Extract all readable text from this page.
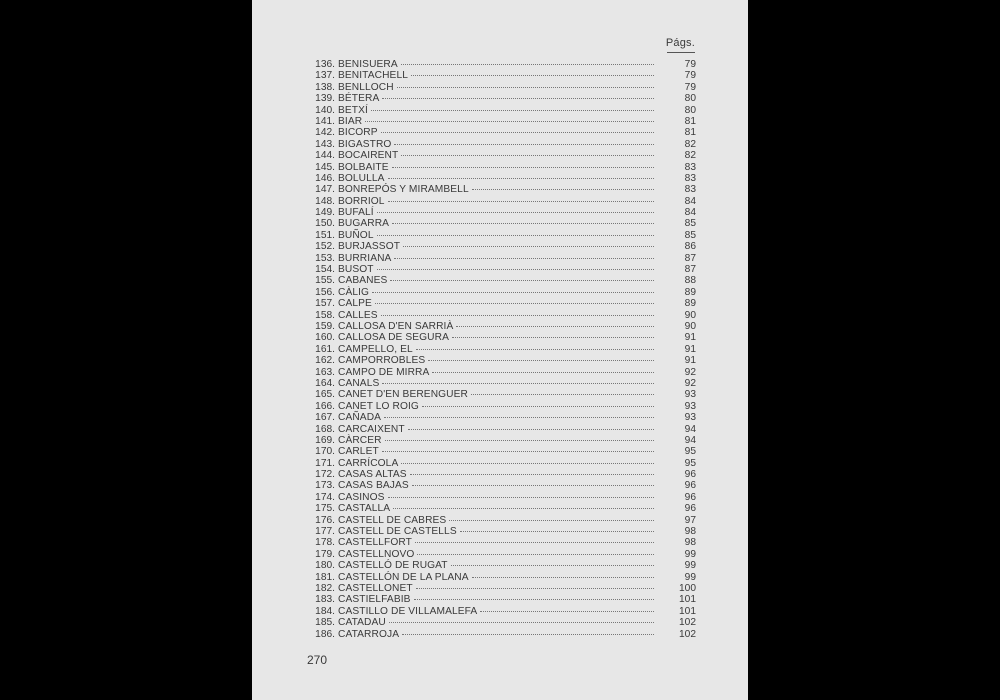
Págs.
136. BENISUERA	79
137. BENITACHELL	79
138. BENLLOCH	79
139. BÉTERA	80
140. BETXÍ	80
141. BIAR	81
142. BICORP	81
143. BIGASTRO	82
144. BOCAIRENT	82
145. BOLBAITE	83
146. BOLULLA	83
147. BONREPÓS Y MIRAMBELL	83
148. BORRIOL	84
149. BUFALÍ	84
150. BUGARRA	85
151. BUÑOL	85
152. BURJASSOT	86
153. BURRIANA	87
154. BUSOT	87
155. CABANES	88
156. CÀLIG	89
157. CALPE	89
158. CALLES	90
159. CALLOSA D'EN SARRIÀ	90
160. CALLOSA DE SEGURA	91
161. CAMPELLO, EL	91
162. CAMPORROBLES	91
163. CAMPO DE MIRRA	92
164. CANALS	92
165. CANET D'EN BERENGUER	93
166. CANET LO ROIG	93
167. CAÑADA	93
168. CARCAIXENT	94
169. CÀRCER	94
170. CARLET	95
171. CARRÍCOLA	95
172. CASAS ALTAS	96
173. CASAS BAJAS	96
174. CASINOS	96
175. CASTALLA	96
176. CASTELL DE CABRES	97
177. CASTELL DE CASTELLS	98
178. CASTELLFORT	98
179. CASTELLNOVO	99
180. CASTELLÓ DE RUGAT	99
181. CASTELLÓN DE LA PLANA	99
182. CASTELLONET	100
183. CASTIELFABIB	101
184. CASTILLO DE VILLAMALEFA	101
185. CATADAU	102
186. CATARROJA	102
270
